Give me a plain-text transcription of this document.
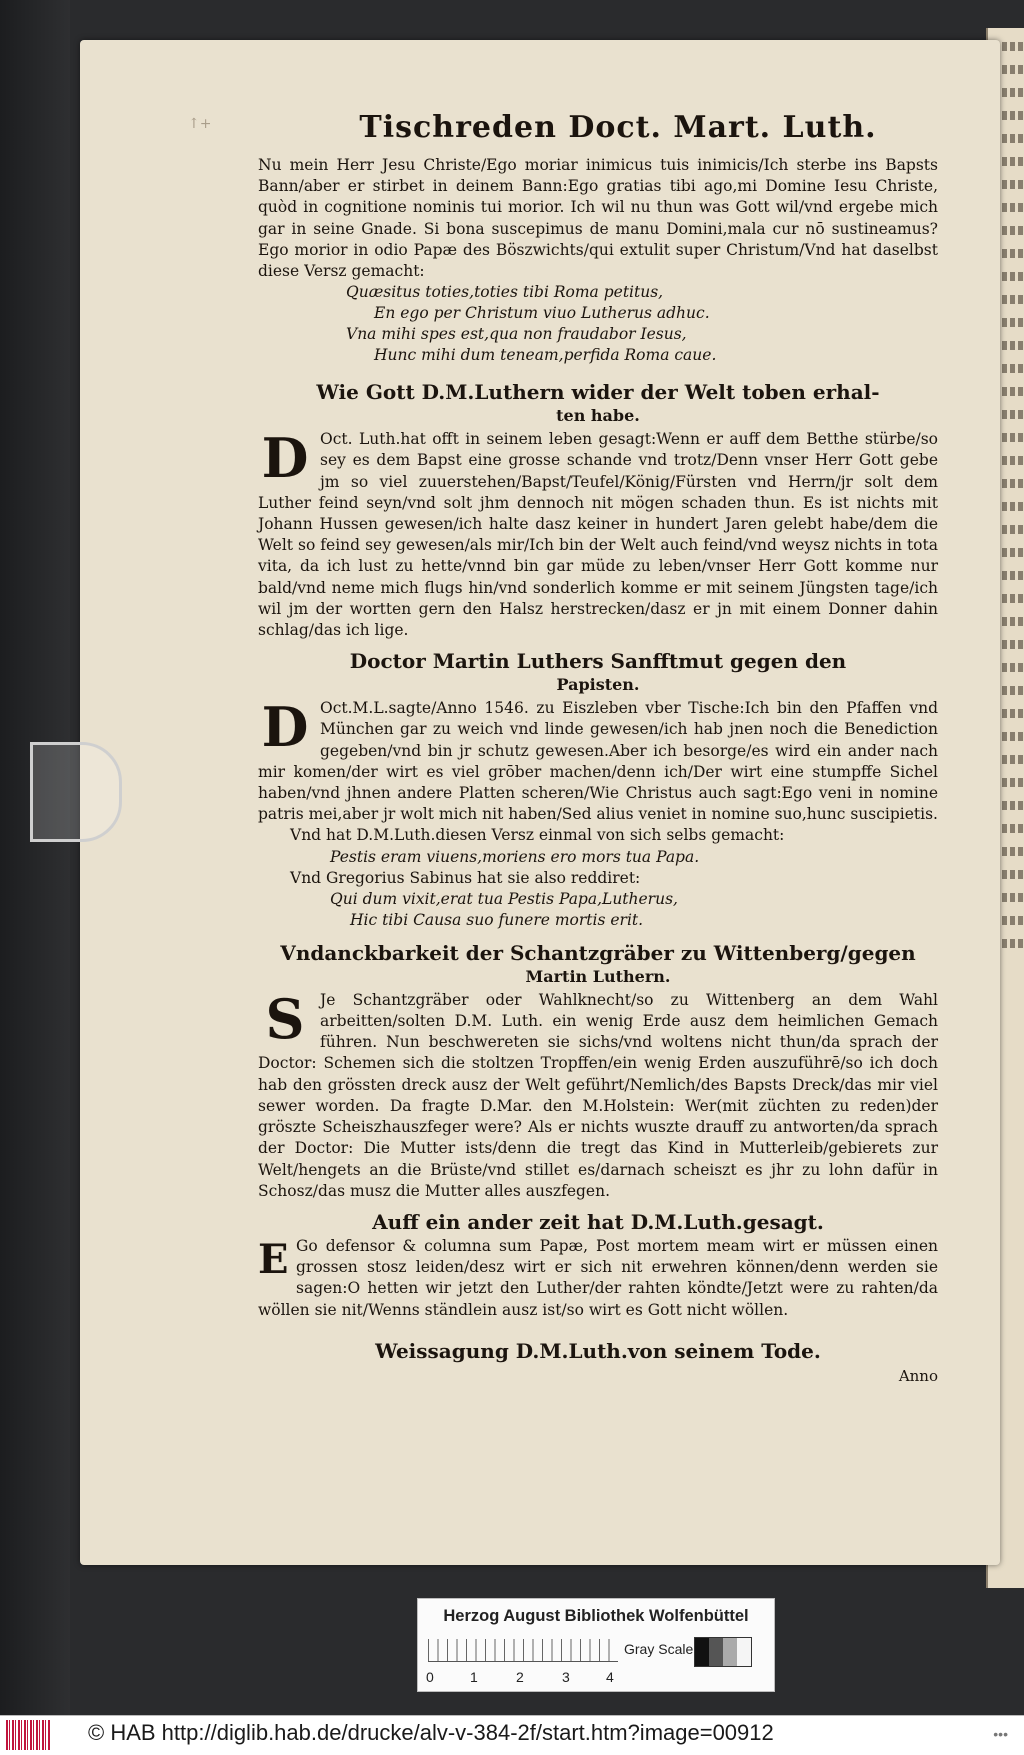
↑+	Tischreden Doct. Mart. Luth.

Nu mein Herr Jesu Christe/Ego moriar inimicus tuis inimicis/Ich sterbe ins Bapsts Bann/aber er stirbet in deinem Bann:Ego gratias tibi ago,mi Domine Iesu Christe, quòd in cognitione nominis tui morior. Ich wil nu thun was Gott wil/vnd ergebe mich gar in seine Gnade. Si bona suscepimus de manu Domini,mala cur nō sustineamus?Ego morior in odio Papæ des Böszwichts/qui extulit super Christum/Vnd hat daselbst diese Versz gemacht:

Quæsitus toties,toties tibi Roma petitus,
En ego per Christum viuo Lutherus adhuc.
Vna mihi spes est,qua non fraudabor Iesus,
Hunc mihi dum teneam,perfida Roma caue.
Wie Gott D.M.Luthern wider der Welt toben erhal-
ten habe.
D Oct. Luth.hat offt in seinem leben gesagt:Wenn er auff dem Betthe stürbe/so sey es dem Bapst eine grosse schande vnd trotz/Denn vnser Herr Gott gebe jm so viel zuuerstehen/Bapst/Teufel/König/Fürsten vnd Herrn/jr solt dem Luther feind seyn/vnd solt jhm dennoch nit mögen schaden thun. Es ist nichts mit Johann Hussen gewesen/ich halte dasz keiner in hundert Jaren gelebt habe/dem die Welt so feind sey gewesen/als mir/Ich bin der Welt auch feind/vnd weysz nichts in tota vita, da ich lust zu hette/vnnd bin gar müde zu leben/vnser Herr Gott komme nur bald/vnd neme mich flugs hin/vnd sonderlich komme er mit seinem Jüngsten tage/ich wil jm der wortten gern den Halsz herstrecken/dasz er jn mit einem Donner dahin schlag/das ich lige.

Doctor Martin Luthers Sanfftmut gegen den
Papisten.
D Oct.M.L.sagte/Anno 1546. zu Eiszleben vber Tische:Ich bin den Pfaffen vnd München gar zu weich vnd linde gewesen/ich hab jnen noch die Benediction gegeben/vnd bin jr schutz gewesen.Aber ich besorge/es wird ein ander nach mir komen/der wirt es viel grōber machen/denn ich/Der wirt eine stumpffe Sichel haben/vnd jhnen andere Platten scheren/Wie Christus auch sagt:Ego veni in nomine patris mei,aber jr wolt mich nit haben/Sed alius veniet in nomine suo,hunc suscipietis.

Vnd hat D.M.Luth.diesen Versz einmal von sich selbs gemacht:

Pestis eram viuens,moriens ero mors tua Papa.

Vnd Gregorius Sabinus hat sie also reddiret:

Qui dum vixit,erat tua Pestis Papa,Lutherus,
Hic tibi Causa suo funere mortis erit.
Vndanckbarkeit der Schantzgräber zu Wittenberg/gegen
Martin Luthern.
S	Je Schantzgräber oder Wahlknecht/so zu Wittenberg an dem Wahl arbeitten/solten D.M. Luth. ein wenig Erde ausz dem heimlichen Gemach führen. Nun beschwereten sie sichs/vnd woltens nicht thun/da sprach der Doctor: Schemen sich die stoltzen Tropffen/ein wenig Erden auszuführē/so ich doch hab den grössten dreck ausz der Welt geführt/Nemlich/des Bapsts Dreck/das mir viel sewer worden. Da fragte D.Mar. den M.Holstein: Wer(mit züchten zu reden)der gröszte Scheiszhauszfeger were? Als er nichts wuszte drauff zu antworten/da sprach der Doctor: Die Mutter ists/denn die tregt das Kind in Mutterleib/gebierets zur Welt/hengets an die Brüste/vnd stillet es/darnach scheiszt es jhr zu lohn dafür in Schosz/das musz die Mutter alles auszfegen.

Auff ein ander zeit hat D.M.Luth.gesagt.
E Go defensor & columna sum Papæ, Post mortem meam wirt er müssen einen grossen stosz leiden/desz wirt er sich nit erwehren können/denn werden sie sagen:O hetten wir jetzt den Luther/der rahten köndte/Jetzt were zu rahten/da wöllen sie nit/Wenns ständlein ausz ist/so wirt es Gott nicht wöllen.

Weissagung D.M.Luth.von seinem Tode.
Anno
Herzog August Bibliothek Wolfenbüttel
0	1	2	3	4
Gray Scale
© HAB http://diglib.hab.de/drucke/alv-v-384-2f/start.htm?image=00912	•••
